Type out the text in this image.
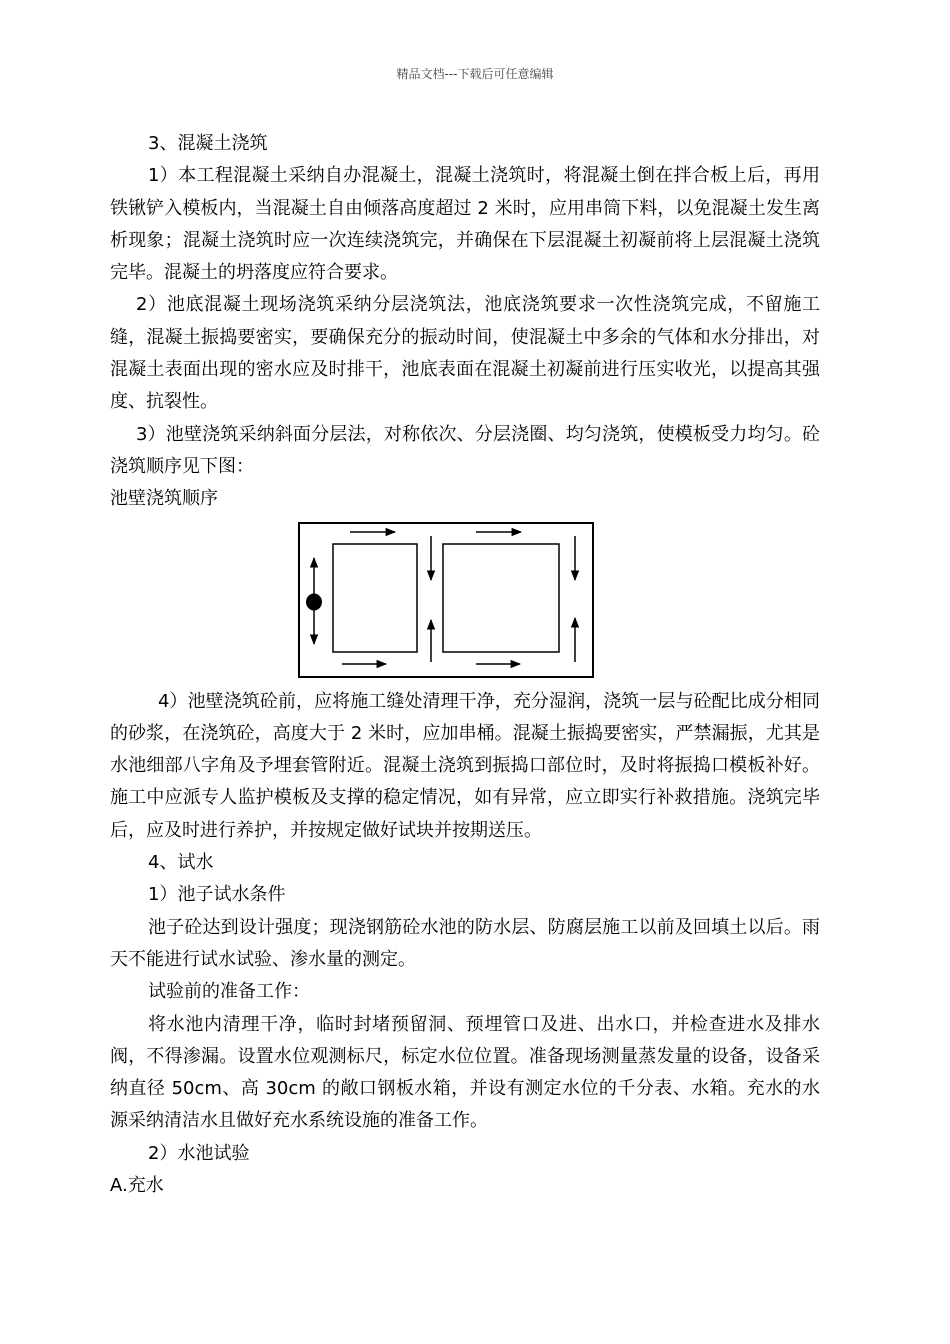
精品文档---下载后可任意编辑

3、混凝土浇筑

1）本工程混凝土采纳自办混凝土，混凝土浇筑时，将混凝土倒在拌合板上后，再用铁锹铲入模板内，当混凝土自由倾落高度超过 2 米时，应用串筒下料，以免混凝土发生离析现象；混凝土浇筑时应一次连续浇筑完，并确保在下层混凝土初凝前将上层混凝土浇筑完毕。混凝土的坍落度应符合要求。

2）池底混凝土现场浇筑采纳分层浇筑法，池底浇筑要求一次性浇筑完成，不留施工缝，混凝土振捣要密实，要确保充分的振动时间，使混凝土中多余的气体和水分排出，对混凝土表面出现的密水应及时排干，池底表面在混凝土初凝前进行压实收光，以提高其强度、抗裂性。

3）池壁浇筑采纳斜面分层法，对称依次、分层浇圈、均匀浇筑，使模板受力均匀。砼浇筑顺序见下图：

池壁浇筑顺序

4）池壁浇筑砼前，应将施工缝处清理干净，充分湿润，浇筑一层与砼配比成分相同的砂浆，在浇筑砼，高度大于 2 米时，应加串桶。混凝土振捣要密实，严禁漏振，尤其是水池细部八字角及予埋套管附近。混凝土浇筑到振捣口部位时，及时将振捣口模板补好。施工中应派专人监护模板及支撑的稳定情况，如有异常，应立即实行补救措施。浇筑完毕后，应及时进行养护，并按规定做好试块并按期送压。

4、试水

1）池子试水条件

池子砼达到设计强度；现浇钢筋砼水池的防水层、防腐层施工以前及回填土以后。雨天不能进行试水试验、渗水量的测定。

试验前的准备工作：

将水池内清理干净，临时封堵预留洞、预埋管口及进、出水口，并检查进水及排水阀，不得渗漏。设置水位观测标尺，标定水位位置。准备现场测量蒸发量的设备，设备采纳直径 50cm、高 30cm 的敞口钢板水箱，并设有测定水位的千分表、水箱。充水的水源采纳清洁水且做好充水系统设施的准备工作。

2）水池试验

A.充水
